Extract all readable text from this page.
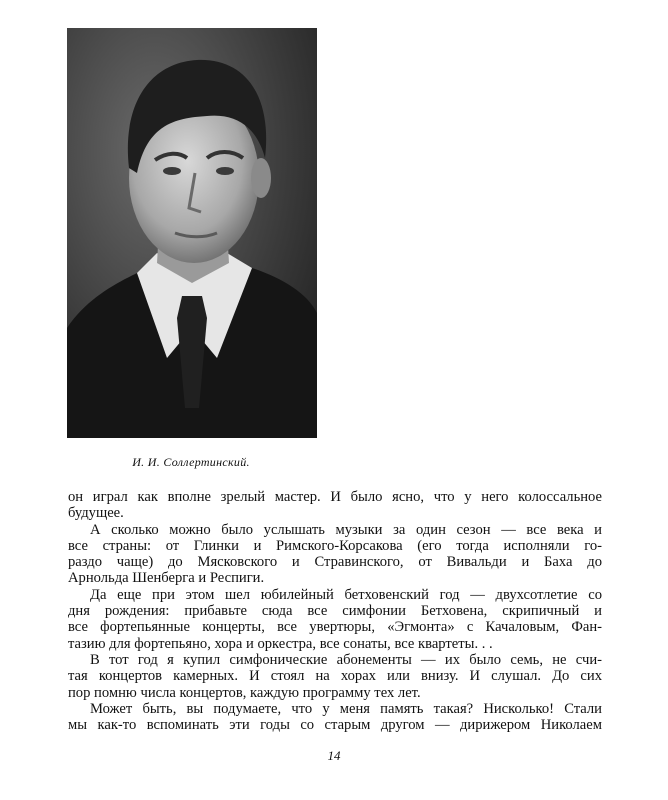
И. И. Соллертинский.
он играл как вполне зрелый мастер. И было ясно, что у него колоссальное
будущее.
А сколько можно было услышать музыки за один сезон — все века и
все страны: от Глинки и Римского-Корсакова (его тогда исполняли го-
раздо чаще) до Мясковского и Стравинского, от Вивальди и Баха до
Арнольда Шенберга и Респиги.
Да еще при этом шел юбилейный бетховенский год — двухсотлетие со
дня рождения: прибавьте сюда все симфонии Бетховена, скрипичный и
все фортепьянные концерты, все увертюры, «Эгмонта» с Качаловым, Фан-
тазию для фортепьяно, хора и оркестра, все сонаты, все квартеты. . .
В тот год я купил симфонические абонементы — их было семь, не счи-
тая концертов камерных. И стоял на хорах или внизу. И слушал. До сих
пор помню числа концертов, каждую программу тех лет.
Может быть, вы подумаете, что у меня память такая? Нисколько! Стали
мы как-то вспоминать эти годы со старым другом — дирижером Николаем
14
